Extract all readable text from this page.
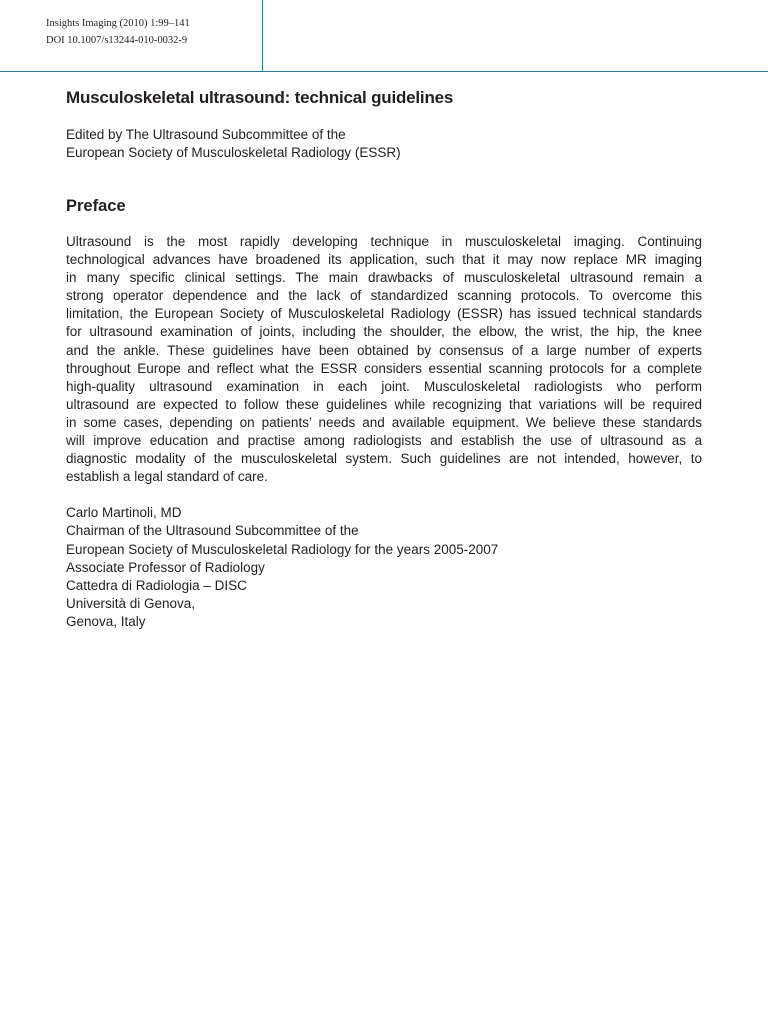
Insights Imaging (2010) 1:99–141
DOI 10.1007/s13244-010-0032-9
Musculoskeletal ultrasound: technical guidelines
Edited by The Ultrasound Subcommittee of the
European Society of Musculoskeletal Radiology (ESSR)
Preface
Ultrasound is the most rapidly developing technique in musculoskeletal imaging. Continuing
technological advances have broadened its application, such that it may now replace MR imaging
in many specific clinical settings. The main drawbacks of musculoskeletal ultrasound remain a
strong operator dependence and the lack of standardized scanning protocols. To overcome this
limitation, the European Society of Musculoskeletal Radiology (ESSR) has issued technical standards
for ultrasound examination of joints, including the shoulder, the elbow, the wrist, the hip, the knee
and the ankle. These guidelines have been obtained by consensus of a large number of experts
throughout Europe and reflect what the ESSR considers essential scanning protocols for a complete
high-quality ultrasound examination in each joint. Musculoskeletal radiologists who perform
ultrasound are expected to follow these guidelines while recognizing that variations will be required
in some cases, depending on patients’ needs and available equipment. We believe these standards
will improve education and practise among radiologists and establish the use of ultrasound as a
diagnostic modality of the musculoskeletal system. Such guidelines are not intended, however, to
establish a legal standard of care.
Carlo Martinoli, MD
Chairman of the Ultrasound Subcommittee of the
European Society of Musculoskeletal Radiology for the years 2005-2007
Associate Professor of Radiology
Cattedra di Radiologia – DISC
Università di Genova,
Genova, Italy
